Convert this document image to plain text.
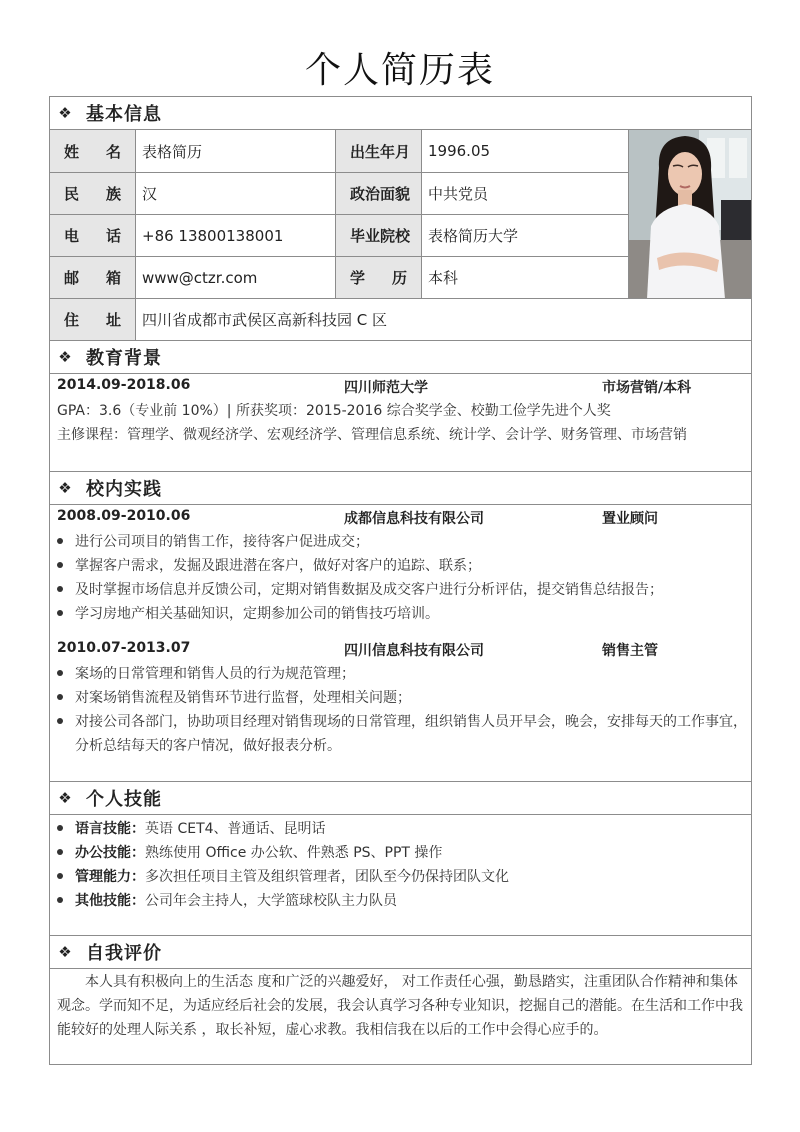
个人简历表
❖ 基本信息
姓 名	表格简历	出生年月	1996.05
民 族	汉	政治面貌	中共党员
电 话	+86 13800138001	毕业院校	表格简历大学
邮 箱	www@ctzr.com	学 历	本科
住 址	四川省成都市武侯区高新科技园 C 区
❖ 教育背景
2014.09-2018.06	四川师范大学	市场营销/本科
GPA：3.6（专业前 10%）| 所获奖项：2015-2016 综合奖学金、校勤工俭学先进个人奖
主修课程：管理学、微观经济学、宏观经济学、管理信息系统、统计学、会计学、财务管理、市场营销
❖ 校内实践
2008.09-2010.06	成都信息科技有限公司	置业顾问
进行公司项目的销售工作，接待客户促进成交；
掌握客户需求，发掘及跟进潜在客户，做好对客户的追踪、联系；
及时掌握市场信息并反馈公司，定期对销售数据及成交客户进行分析评估，提交销售总结报告；
学习房地产相关基础知识，定期参加公司的销售技巧培训。
2010.07-2013.07	四川信息科技有限公司	销售主管
案场的日常管理和销售人员的行为规范管理；
对案场销售流程及销售环节进行监督，处理相关问题；
对接公司各部门，协助项目经理对销售现场的日常管理，组织销售人员开早会，晚会，安排每天的工作事宜，
分析总结每天的客户情况，做好报表分析。
❖ 个人技能
语言技能：英语 CET4、普通话、昆明话
办公技能：熟练使用 Office 办公软、件熟悉 PS、PPT 操作
管理能力：多次担任项目主管及组织管理者，团队至今仍保持团队文化
其他技能：公司年会主持人，大学篮球校队主力队员
❖ 自我评价
本人具有积极向上的生活态 度和广泛的兴趣爱好， 对工作责任心强，勤恳踏实，注重团队合作精神和集体
观念。学而知不足，为适应经后社会的发展，我会认真学习各种专业知识，挖掘自己的潜能。在生活和工作中我
能较好的处理人际关系 ，取长补短，虚心求教。我相信我在以后的工作中会得心应手的。
